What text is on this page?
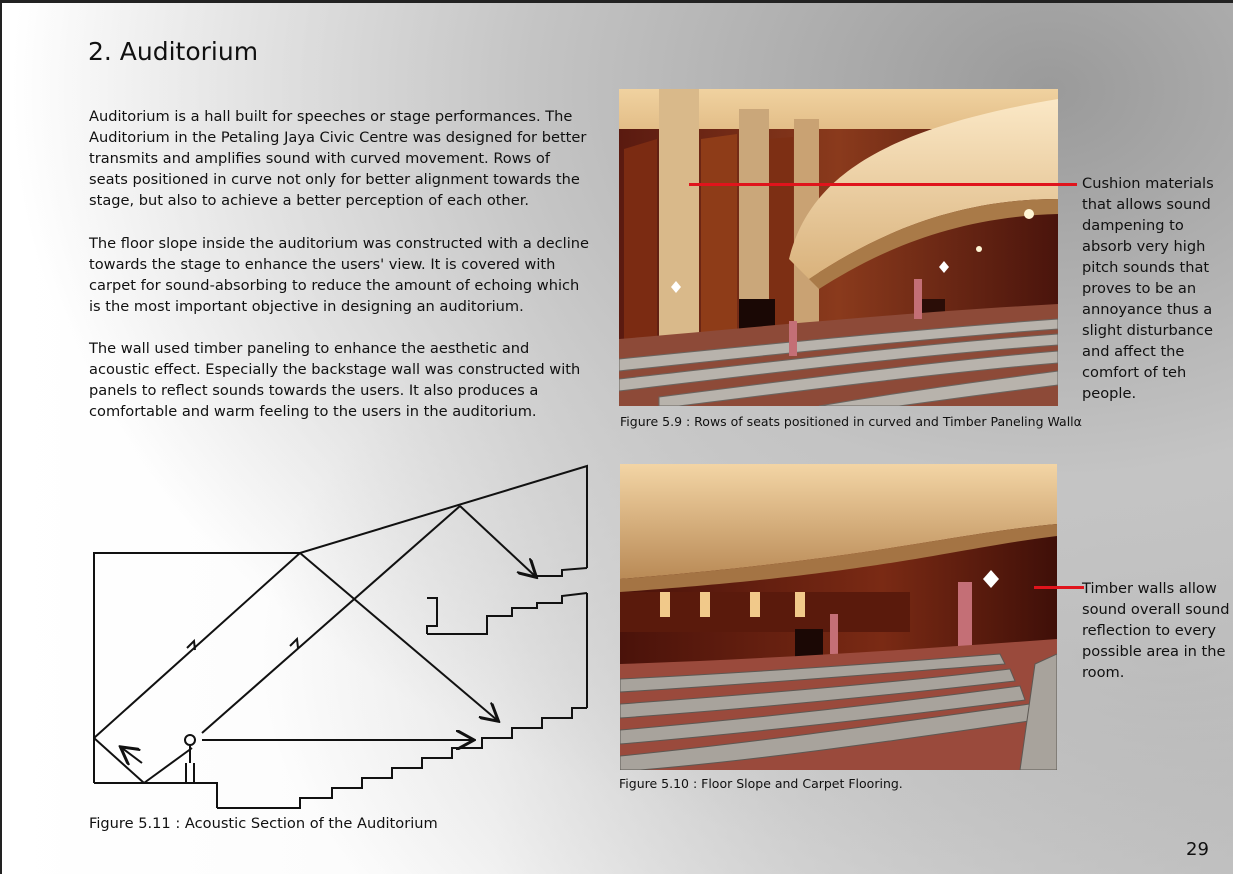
2. Auditorium

Auditorium is a hall built for speeches or stage performances. The Auditorium in the Petaling Jaya Civic Centre was designed for better transmits and amplifies sound with curved movement. Rows of seats positioned in curve not only for better alignment towards the stage, but also to achieve a better perception of each other.

The floor slope inside the auditorium was constructed with a decline towards the stage to enhance the users' view. It is covered with carpet for sound-absorbing to reduce the amount of echoing which is the most important objective in designing an auditorium.

The wall used timber paneling to enhance the aesthetic and acoustic effect. Especially the backstage wall was constructed with panels to reflect sounds towards the users. It also produces a comfortable and warm feeling to the users in the auditorium.

Figure 5.9 : Rows of seats positioned in curved and Timber Paneling Wall⍺
Figure 5.10 : Floor Slope and Carpet Flooring.
Cushion materials that allows sound dampening to absorb very high pitch sounds that proves to be an annoyance thus a slight disturbance and affect the comfort of teh people.
Timber walls allow sound overall sound reflection to every possible area in the room.
Figure 5.11 : Acoustic Section of the Auditorium
29
